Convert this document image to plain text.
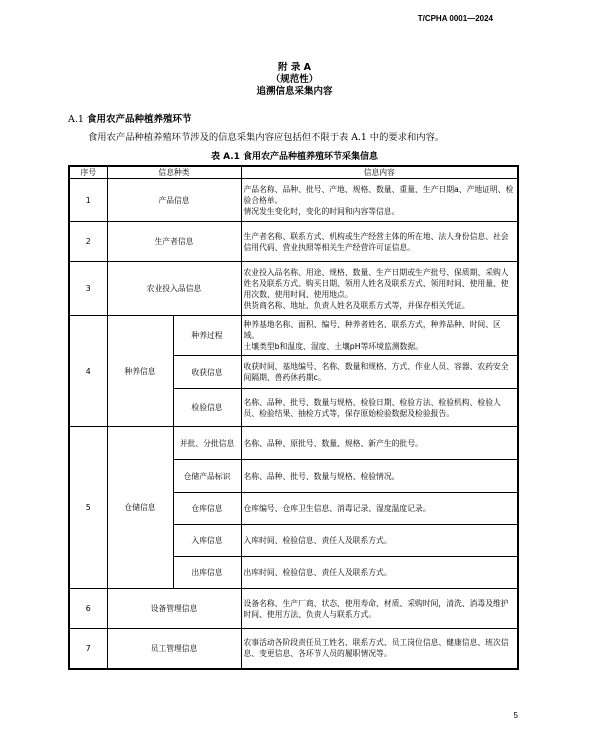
T/CPHA 0001—2024
附 录 A
（规范性）
追溯信息采集内容
A.1 食用农产品种植养殖环节
食用农产品种植养殖环节涉及的信息采集内容应包括但不限于表 A.1 中的要求和内容。
表 A.1 食用农产品种植养殖环节采集信息
序号	信息种类		信息内容
1	产品信息		产品名称、品种、批号、产地、规格、数量、重量、生产日期a、产地证明、检验合格单。
情况发生变化时，变化的时间和内容等信息。
2	生产者信息		生产者名称、联系方式、机构或生产经营主体的所在地、法人身份信息、社会信用代码、营业执照等相关生产经营许可证信息。
3	农业投入品信息		农业投入品名称、用途、规格、数量、生产日期或生产批号、保质期、采购人姓名及联系方式、购买日期、领用人姓名及联系方式、领用时间、使用量、使用次数、使用时间、使用地点。
供货商名称、地址、负责人姓名及联系方式等，并保存相关凭证。
4	种养信息	种养过程	种养基地名称、面积、编号、种养者姓名、联系方式，种养品种、时间、区域。
土壤类型b和温度、湿度、土壤pH等环境监测数据。
		收获信息	收获时间、基地编号、名称、数量和规格、方式、作业人员、容器、农药安全间隔期、兽药休药期c。
		检验信息	名称、品种、批号、数量与规格、检验日期、检验方法、检验机构、检验人员、检验结果、抽检方式等，保存原始检验数据及检验报告。
5	仓储信息	并批、分批信息	名称、品种、原批号、数量、规格、新产生的批号。
		仓储产品标识	名称、品种、批号、数量与规格、检验情况。
		仓库信息	仓库编号、仓库卫生信息、消毒记录、湿度温度记录。
		入库信息	入库时间、检验信息、责任人及联系方式。
		出库信息	出库时间、检验信息、责任人及联系方式。
6	设备管理信息		设备名称、生产厂商、状态、使用寿命、材质、采购时间，清洗、消毒及维护时间、使用方法、负责人与联系方式。
7	员工管理信息		农事活动各阶段责任员工姓名、联系方式、员工岗位信息、健康信息、班次信息、变更信息、各环节人员的履职情况等。
5
